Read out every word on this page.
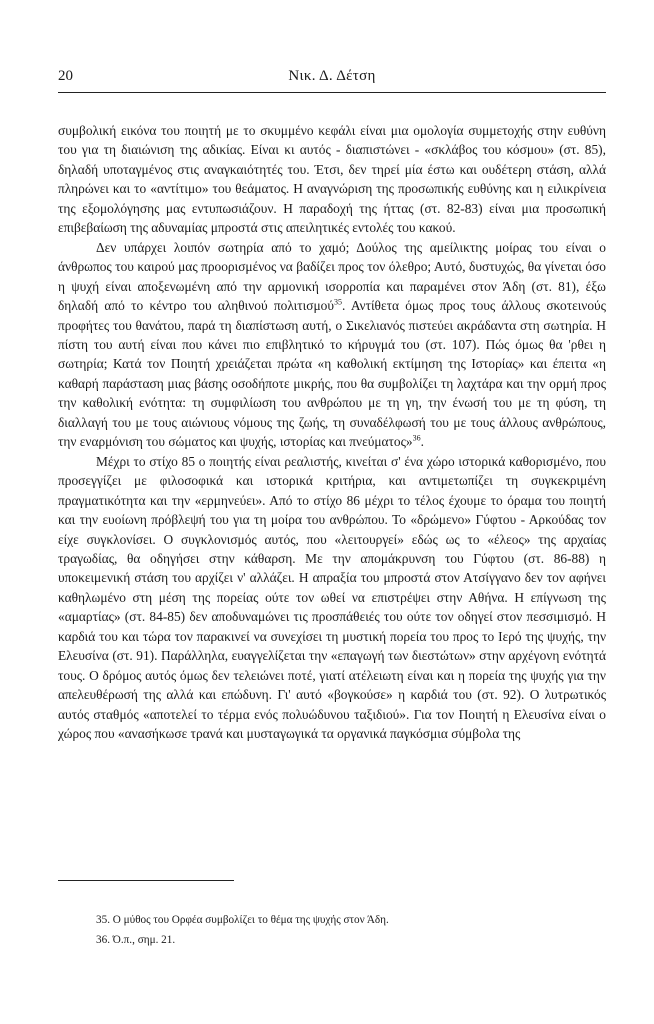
20	Νικ. Δ. Δέτση

συμβολική εικόνα του ποιητή με το σκυμμένο κεφάλι είναι μια ομολογία συμμετοχής στην ευθύνη του για τη διαιώνιση της αδικίας. Είναι κι αυτός - διαπιστώνει - «σκλάβος του κόσμου» (στ. 85), δηλαδή υποταγμένος στις αναγκαιότητές του. Έτσι, δεν τηρεί μία έστω και ουδέτερη στάση, αλλά πληρώνει και το «αντίτιμο» του θεάματος. Η αναγνώριση της προσωπικής ευθύνης και η ειλικρίνεια της εξομολόγησης μας εντυπωσιάζουν. Η παραδοχή της ήττας (στ. 82-83) είναι μια προσωπική επιβεβαίωση της αδυναμίας μπροστά στις απειλητικές εντολές του κακού.

Δεν υπάρχει λοιπόν σωτηρία από το χαμό; Δούλος της αμείλικτης μοίρας του είναι ο άνθρωπος του καιρού μας προορισμένος να βαδίζει προς τον όλεθρο; Αυτό, δυστυχώς, θα γίνεται όσο η ψυχή είναι αποξενωμένη από την αρμονική ισορροπία και παραμένει στον Άδη (στ. 81), έξω δηλαδή από το κέντρο του αληθινού πολιτισμού$^{35}$. Αντίθετα όμως προς τους άλλους σκοτεινούς προφήτες του θανάτου, παρά τη διαπίστωση αυτή, ο Σικελιανός πιστεύει ακράδαντα στη σωτηρία. Η πίστη του αυτή είναι που κάνει πιο επιβλητικό το κήρυγμά του (στ. 107). Πώς όμως θα 'ρθει η σωτηρία; Κατά τον Ποιητή χρειάζεται πρώτα «η καθολική εκτίμηση της Ιστορίας» και έπειτα «η καθαρή παράσταση μιας βάσης οσοδήποτε μικρής, που θα συμβολίζει τη λαχτάρα και την ορμή προς την καθολική ενότητα: τη συμφιλίωση του ανθρώπου με τη γη, την ένωσή του με τη φύση, τη διαλλαγή του με τους αιώνιους νόμους της ζωής, τη συναδέλφωσή του με τους άλλους ανθρώπους, την εναρμόνιση του σώματος και ψυχής, ιστορίας και πνεύματος»$^{36}$.

Μέχρι το στίχο 85 ο ποιητής είναι ρεαλιστής, κινείται σ' ένα χώρο ιστορικά καθορισμένο, που προσεγγίζει με φιλοσοφικά και ιστορικά κριτήρια, και αντιμετωπίζει τη συγκεκριμένη πραγματικότητα και την «ερμηνεύει». Από το στίχο 86 μέχρι το τέλος έχουμε το όραμα του ποιητή και την ευοίωνη πρόβλεψή του για τη μοίρα του ανθρώπου. Το «δρώμενο» Γύφτου - Αρκούδας τον είχε συγκλονίσει. Ο συγκλονισμός αυτός, που «λειτουργεί» εδώς ως το «έλεος» της αρχαίας τραγωδίας, θα οδηγήσει στην κάθαρση. Με την απομάκρυνση του Γύφτου (στ. 86-88) η υποκειμενική στάση του αρχίζει ν' αλλάζει. Η απραξία του μπροστά στον Ατσίγγανο δεν τον αφήνει καθηλωμένο στη μέση της πορείας ούτε τον ωθεί να επιστρέψει στην Αθήνα. Η επίγνωση της «αμαρτίας» (στ. 84-85) δεν αποδυναμώνει τις προσπάθειές του ούτε τον οδηγεί στον πεσσιμισμό. Η καρδιά του και τώρα τον παρακινεί να συνεχίσει τη μυστική πορεία του προς το Ιερό της ψυχής, την Ελευσίνα (στ. 91). Παράλληλα, ευαγγελίζεται την «επαγωγή των διεστώτων» στην αρχέγονη ενότητά τους. Ο δρόμος αυτός όμως δεν τελειώνει ποτέ, γιατί ατέλειωτη είναι και η πορεία της ψυχής για την απελευθέρωσή της αλλά και επώδυνη. Γι' αυτό «βογκούσε» η καρδιά του (στ. 92). Ο λυτρωτικός αυτός σταθμός «αποτελεί το τέρμα ενός πολυώδυνου ταξιδιού». Για τον Ποιητή η Ελευσίνα είναι ο χώρος που «ανασήκωσε τρανά και μυσταγωγικά τα οργανικά παγκόσμια σύμβολα της

35. Ο μύθος του Ορφέα συμβολίζει το θέμα της ψυχής στον Άδη.

36. Ό.π., σημ. 21.
